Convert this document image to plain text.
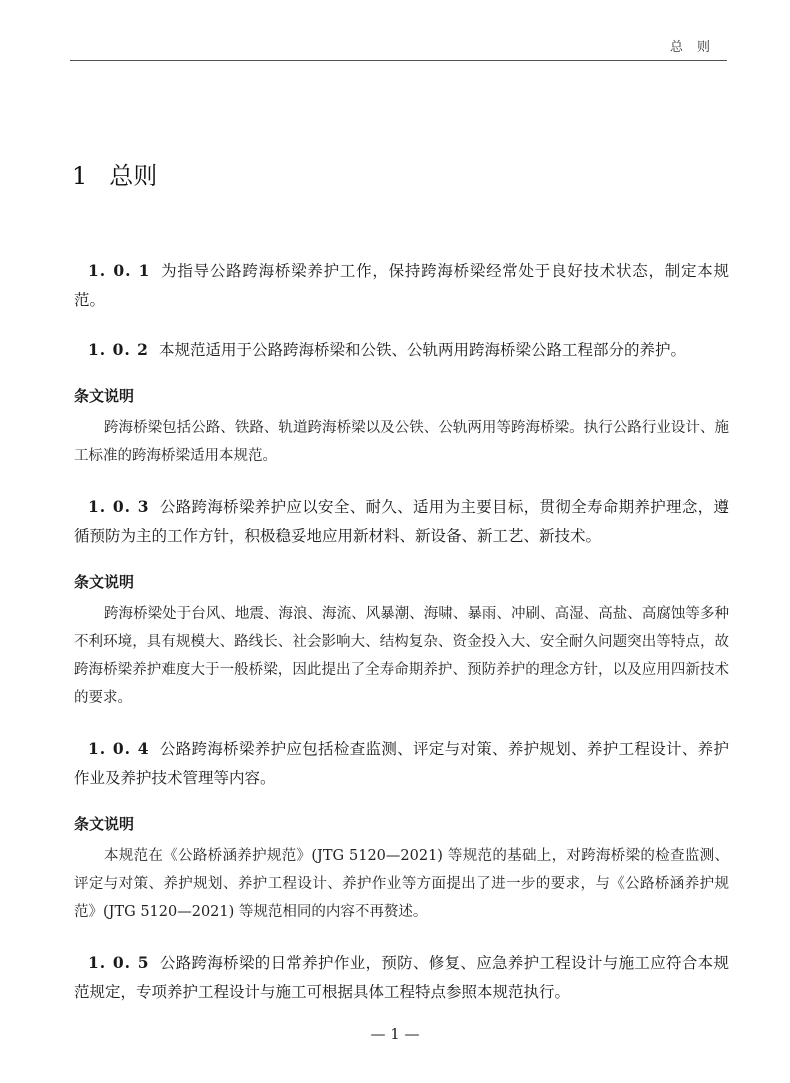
总则
1 总则

1. 0. 1 为指导公路跨海桥梁养护工作，保持跨海桥梁经常处于良好技术状态，制定本规范。

1. 0. 2 本规范适用于公路跨海桥梁和公铁、公轨两用跨海桥梁公路工程部分的养护。

条文说明

跨海桥梁包括公路、铁路、轨道跨海桥梁以及公铁、公轨两用等跨海桥梁。执行公路行业设计、施工标准的跨海桥梁适用本规范。

1. 0. 3 公路跨海桥梁养护应以安全、耐久、适用为主要目标，贯彻全寿命期养护理念，遵循预防为主的工作方针，积极稳妥地应用新材料、新设备、新工艺、新技术。

条文说明

跨海桥梁处于台风、地震、海浪、海流、风暴潮、海啸、暴雨、冲刷、高湿、高盐、高腐蚀等多种不利环境，具有规模大、路线长、社会影响大、结构复杂、资金投入大、安全耐久问题突出等特点，故跨海桥梁养护难度大于一般桥梁，因此提出了全寿命期养护、预防养护的理念方针，以及应用四新技术的要求。

1. 0. 4 公路跨海桥梁养护应包括检查监测、评定与对策、养护规划、养护工程设计、养护作业及养护技术管理等内容。

条文说明

本规范在《公路桥涵养护规范》(JTG 5120—2021) 等规范的基础上，对跨海桥梁的检查监测、评定与对策、养护规划、养护工程设计、养护作业等方面提出了进一步的要求，与《公路桥涵养护规范》(JTG 5120—2021) 等规范相同的内容不再赘述。

1. 0. 5 公路跨海桥梁的日常养护作业，预防、修复、应急养护工程设计与施工应符合本规范规定，专项养护工程设计与施工可根据具体工程特点参照本规范执行。

— 1 —
